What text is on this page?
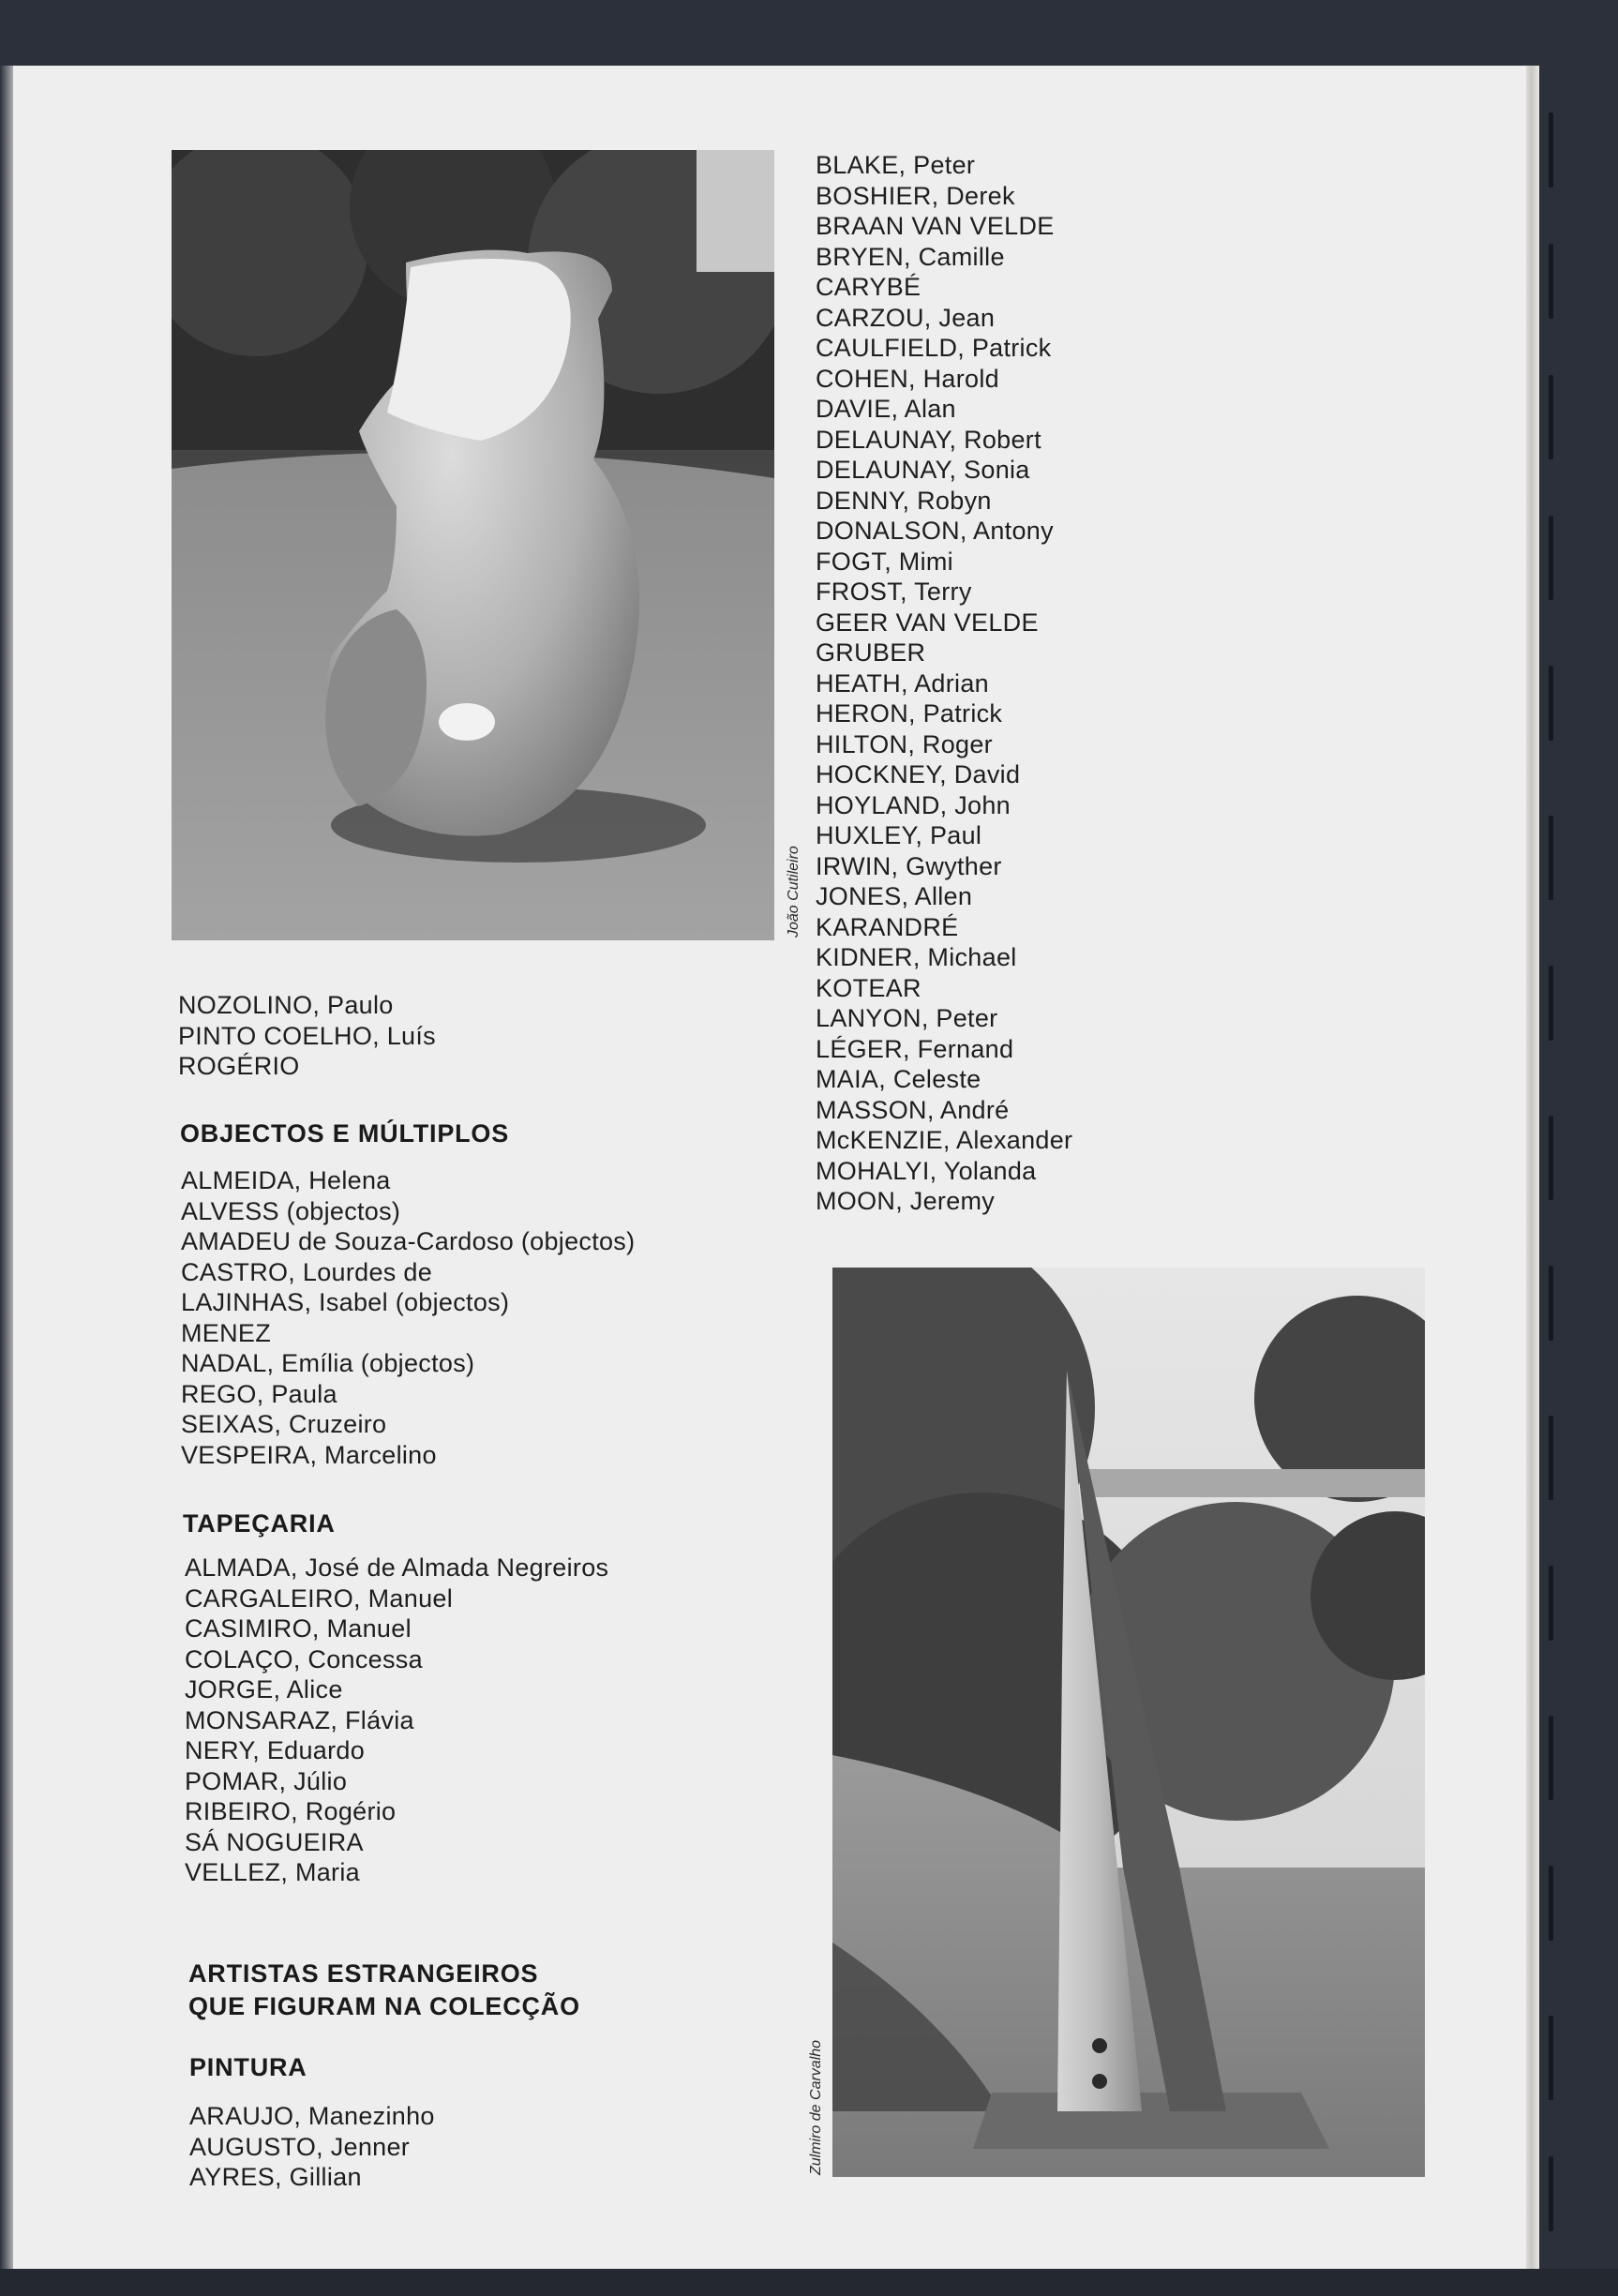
João Cutileiro
Zulmiro de Carvalho
NOZOLINO, Paulo
PINTO COELHO, Luís
ROGÉRIO
OBJECTOS E MÚLTIPLOS
ALMEIDA, Helena
ALVESS (objectos)
AMADEU de Souza-Cardoso (objectos)
CASTRO, Lourdes de
LAJINHAS, Isabel (objectos)
MENEZ
NADAL, Emília (objectos)
REGO, Paula
SEIXAS, Cruzeiro
VESPEIRA, Marcelino
TAPEÇARIA
ALMADA, José de Almada Negreiros
CARGALEIRO, Manuel
CASIMIRO, Manuel
COLAÇO, Concessa
JORGE, Alice
MONSARAZ, Flávia
NERY, Eduardo
POMAR, Júlio
RIBEIRO, Rogério
SÁ NOGUEIRA
VELLEZ, Maria
ARTISTAS ESTRANGEIROS
QUE FIGURAM NA COLECÇÃO
PINTURA
ARAUJO, Manezinho
AUGUSTO, Jenner
AYRES, Gillian
BLAKE, Peter
BOSHIER, Derek
BRAAN VAN VELDE
BRYEN, Camille
CARYBÉ
CARZOU, Jean
CAULFIELD, Patrick
COHEN, Harold
DAVIE, Alan
DELAUNAY, Robert
DELAUNAY, Sonia
DENNY, Robyn
DONALSON, Antony
FOGT, Mimi
FROST, Terry
GEER VAN VELDE
GRUBER
HEATH, Adrian
HERON, Patrick
HILTON, Roger
HOCKNEY, David
HOYLAND, John
HUXLEY, Paul
IRWIN, Gwyther
JONES, Allen
KARANDRÉ
KIDNER, Michael
KOTEAR
LANYON, Peter
LÉGER, Fernand
MAIA, Celeste
MASSON, André
McKENZIE, Alexander
MOHALYI, Yolanda
MOON, Jeremy
